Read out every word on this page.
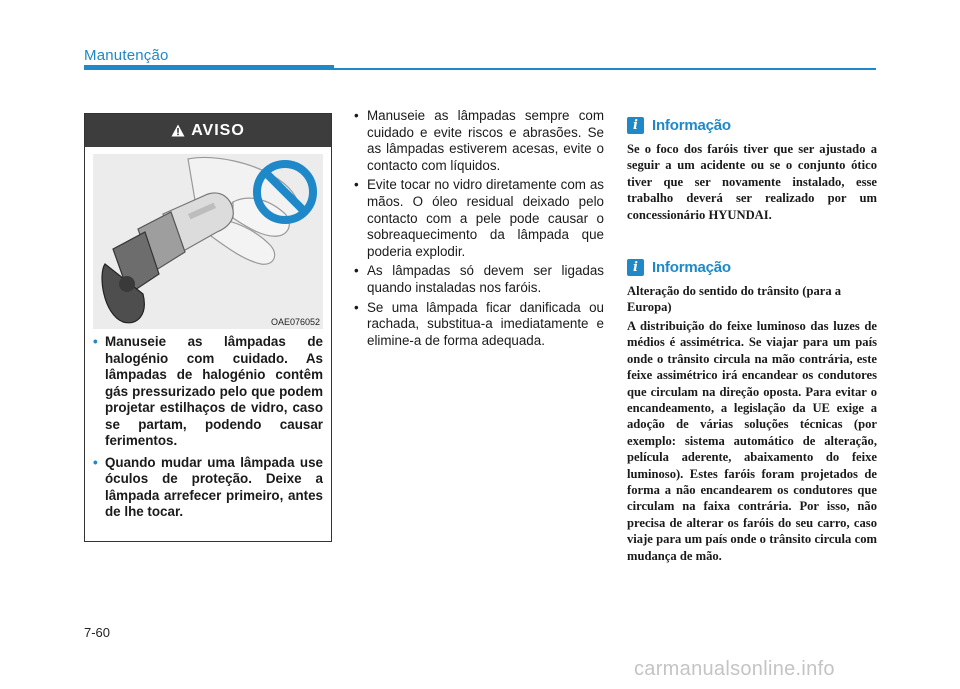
Manutenção
AVISO
OAE076052
• Manuseie as lâmpadas de halogénio com cuidado. As lâmpadas de halogénio contêm gás pressurizado pelo que podem projetar estilhaços de vidro, caso se partam, podendo causar ferimentos.
• Quando mudar uma lâmpada use óculos de proteção. Deixe a lâmpada arrefecer primeiro, antes de lhe tocar.
• Manuseie as lâmpadas sempre com cuidado e evite riscos e abrasões. Se as lâmpadas estiverem acesas, evite o contacto com líquidos.
• Evite tocar no vidro diretamente com as mãos. O óleo residual deixado pelo contacto com a pele pode causar o sobreaquecimento da lâmpada que poderia explodir.
• As lâmpadas só devem ser ligadas quando instaladas nos faróis.
• Se uma lâmpada ficar danificada ou rachada, substitua-a imediatamente e elimine-a de forma adequada.
i Informação

Se o foco dos faróis tiver que ser ajustado a seguir a um acidente ou se o conjunto ótico tiver que ser novamente instalado, esse trabalho deverá ser realizado por um concessionário HYUNDAI.

i Informação

Alteração do sentido do trânsito (para a Europa)

A distribuição do feixe luminoso das luzes de médios é assimétrica. Se viajar para um país onde o trânsito circula na mão contrária, este feixe assimétrico irá encandear os condutores que circulam na direção oposta. Para evitar o encandeamento, a legislação da UE exige a adoção de várias soluções técnicas (por exemplo: sistema automático de alteração, película aderente, abaixamento do feixe luminoso). Estes faróis foram projetados de forma a não encandearem os condutores que circulam na faixa contrária. Por isso, não precisa de alterar os faróis do seu carro, caso viaje para um país onde o trânsito circula com mudança de mão.

7-60
carmanualsonline.info
